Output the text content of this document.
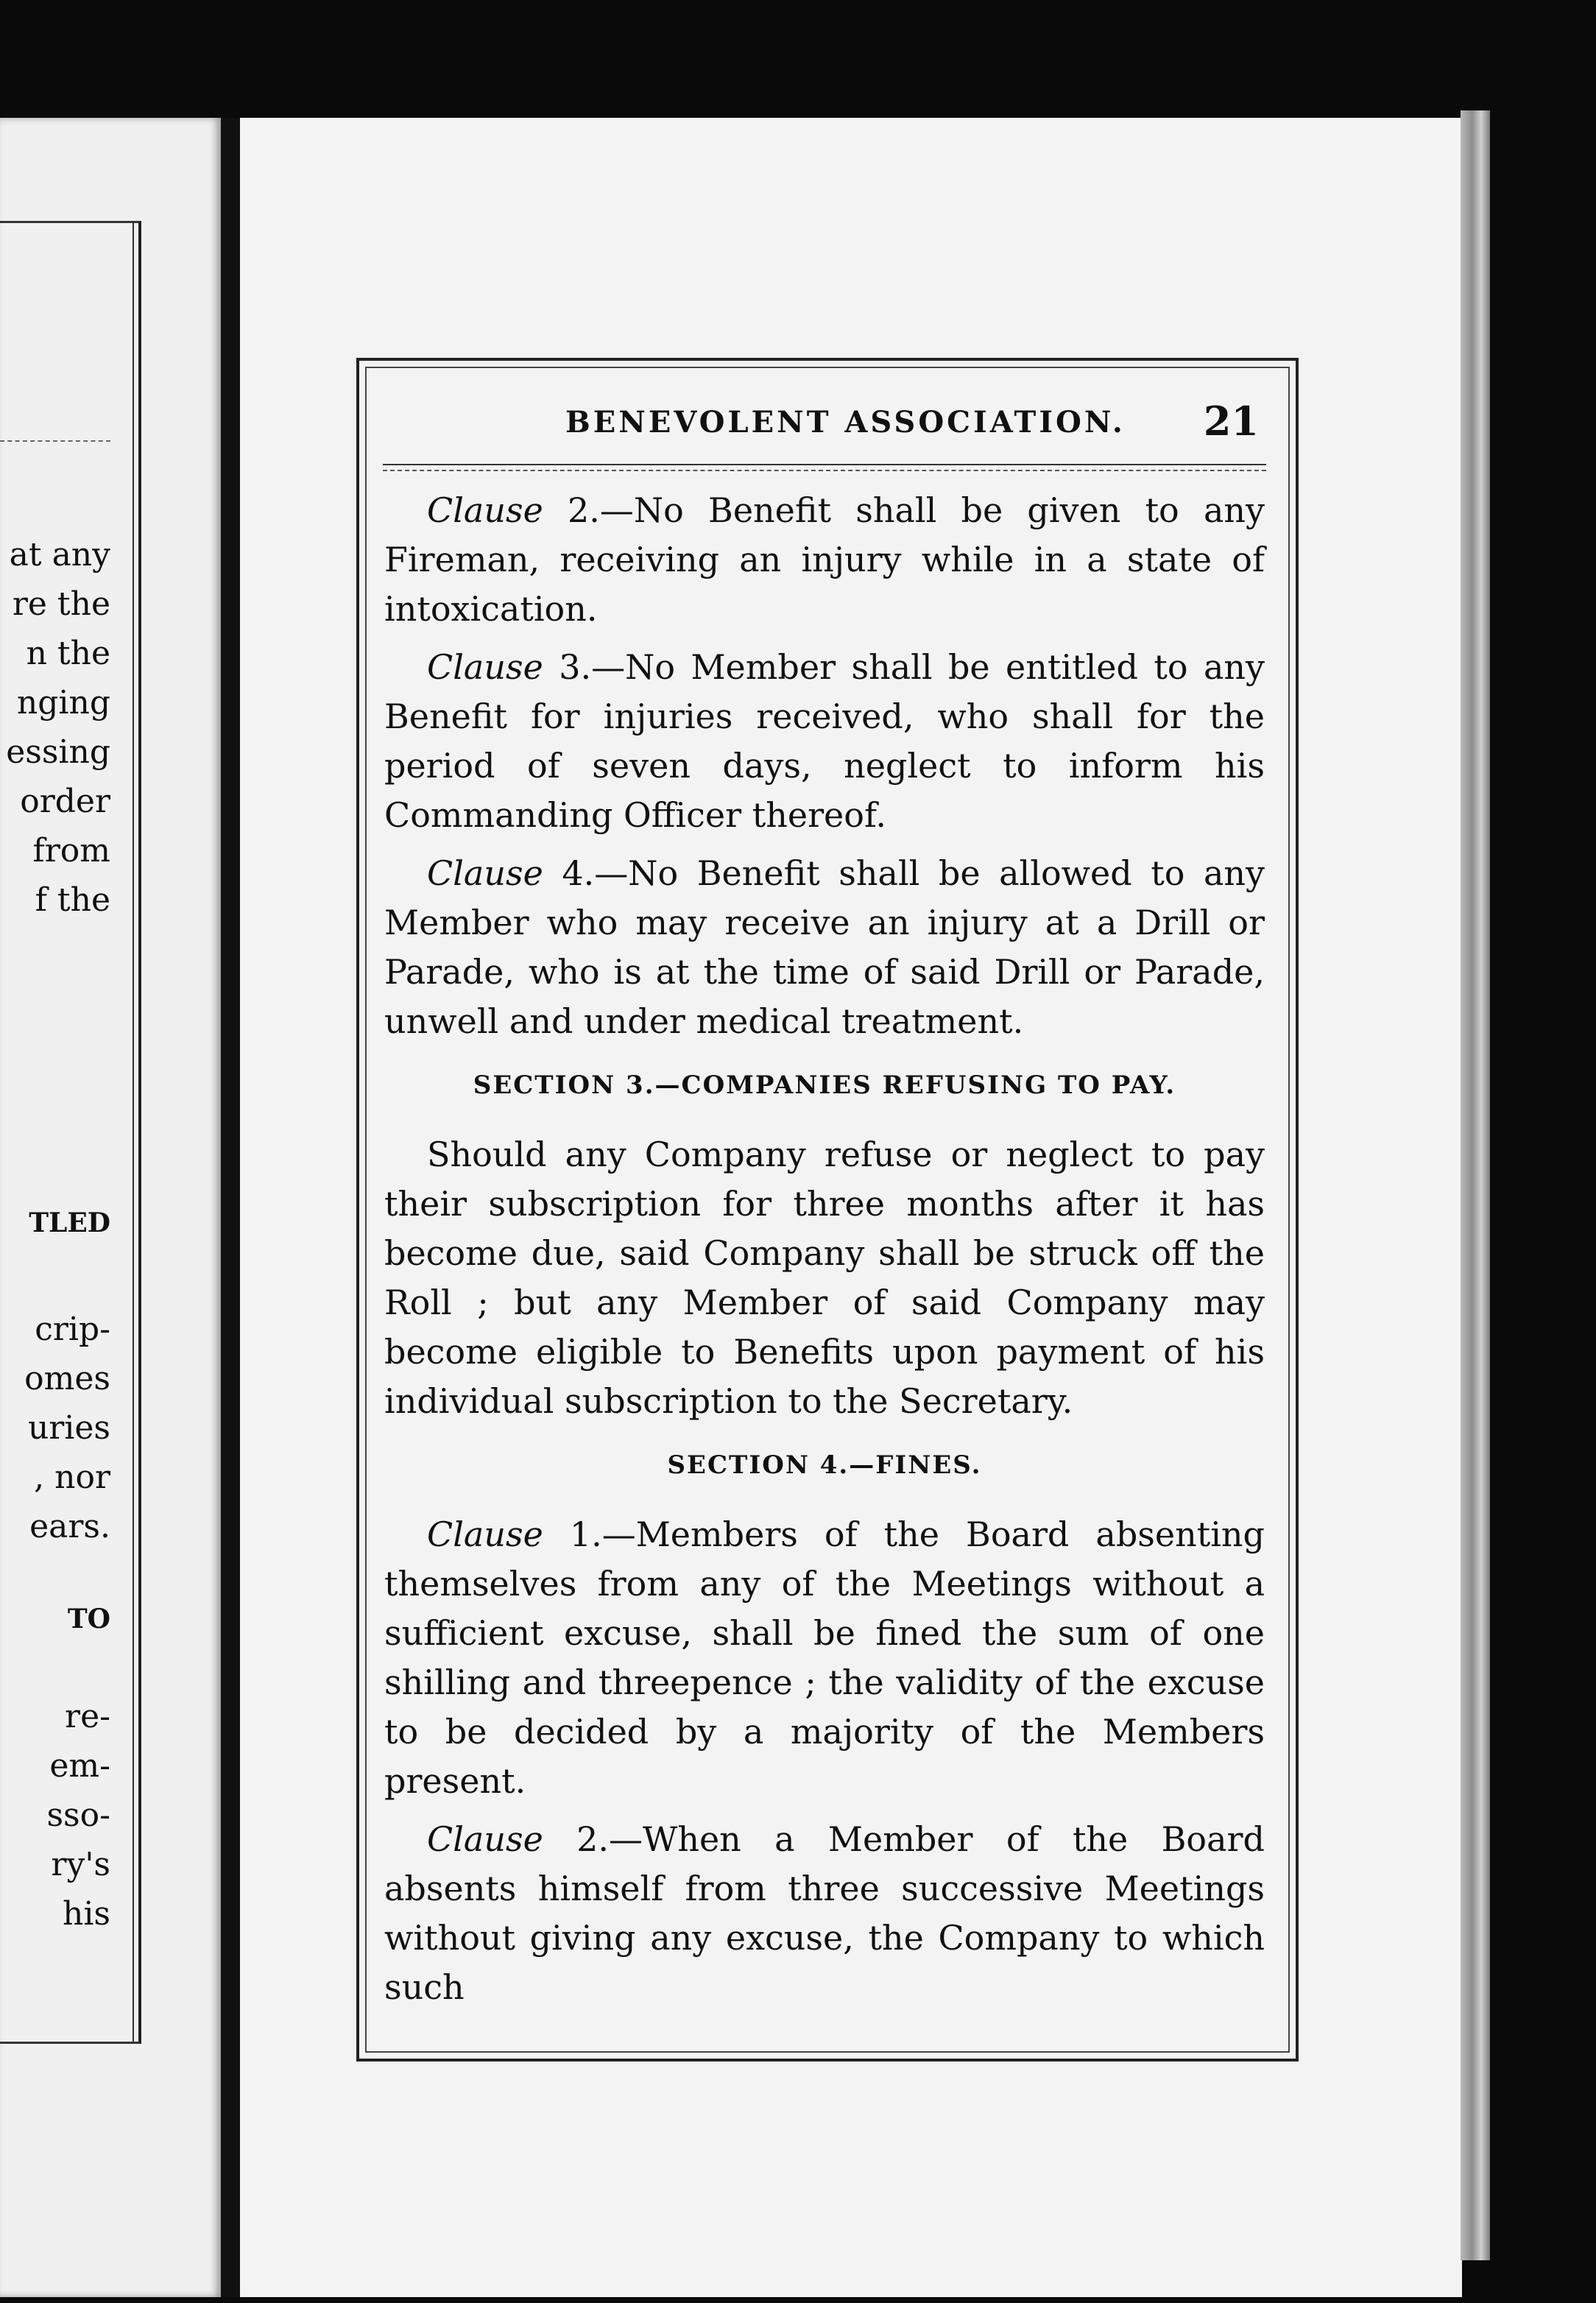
at any
re the
n the
nging
essing
order
from
f the
TLED
crip-
omes
uries
, nor
ears.
TO
re-
em-
sso-
ry's
his
BENEVOLENT ASSOCIATION. 21

Clause 2.—No Benefit shall be given to any Fireman, receiving an injury while in a state of intoxication.

Clause 3.—No Member shall be entitled to any Benefit for injuries received, who shall for the period of seven days, neglect to inform his Commanding Officer thereof.

Clause 4.—No Benefit shall be allowed to any Member who may receive an injury at a Drill or Parade, who is at the time of said Drill or Parade, unwell and under medical treatment.

SECTION 3.—COMPANIES REFUSING TO PAY.

Should any Company refuse or neglect to pay their subscription for three months after it has become due, said Company shall be struck off the Roll ; but any Member of said Company may become eligible to Benefits upon payment of his individual subscription to the Secretary.

SECTION 4.—FINES.

Clause 1.—Members of the Board absenting themselves from any of the Meetings without a sufficient excuse, shall be fined the sum of one shilling and threepence ; the validity of the excuse to be decided by a majority of the Members present.

Clause 2.—When a Member of the Board absents himself from three successive Meetings without giving any excuse, the Company to which such
